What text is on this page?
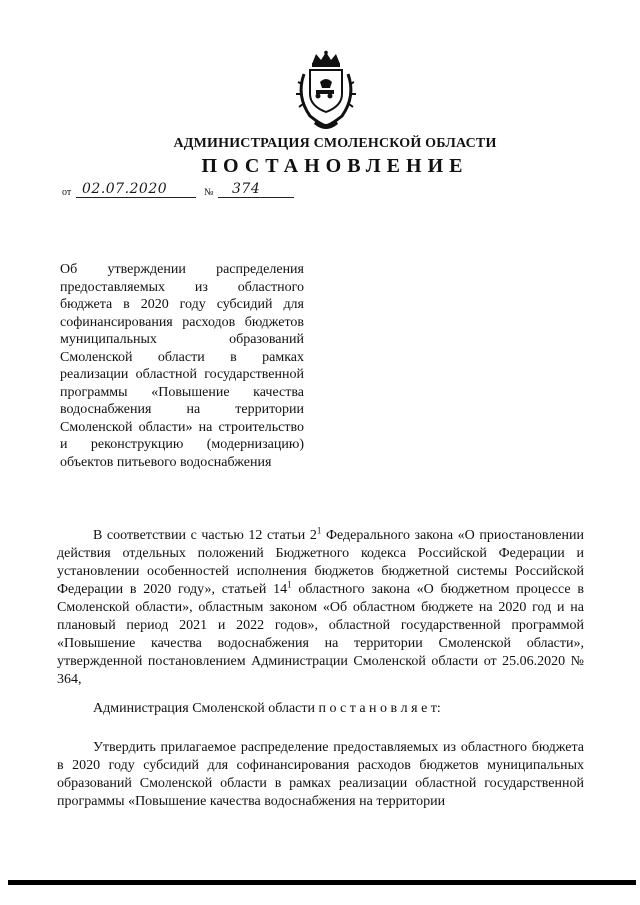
АДМИНИСТРАЦИЯ СМОЛЕНСКОЙ ОБЛАСТИ
ПОСТАНОВЛЕНИЕ
от 02.07.2020	№ 374
Об утверждении распределения предоставляемых из областного бюджета в 2020 году субсидий для софинансирования расходов бюджетов муниципальных образований Смоленской области в рамках реализации областной государственной программы «Повышение качества водоснабжения на территории Смоленской области» на строительство и реконструкцию (модернизацию) объектов питьевого водоснабжения
В соответствии с частью 12 статьи $2^1$ Федерального закона «О приостановлении действия отдельных положений Бюджетного кодекса Российской Федерации и установлении особенностей исполнения бюджетов бюджетной системы Российской Федерации в 2020 году», статьей $14^1$ областного закона «О бюджетном процессе в Смоленской области», областным законом «Об областном бюджете на 2020 год и на плановый период 2021 и 2022 годов», областной государственной программой «Повышение качества водоснабжения на территории Смоленской области», утвержденной постановлением Администрации Смоленской области от 25.06.2020 № 364,
Администрация Смоленской области п о с т а н о в л я е т:
Утвердить прилагаемое распределение предоставляемых из областного бюджета в 2020 году субсидий для софинансирования расходов бюджетов муниципальных образований Смоленской области в рамках реализации областной государственной программы «Повышение качества водоснабжения на территории
